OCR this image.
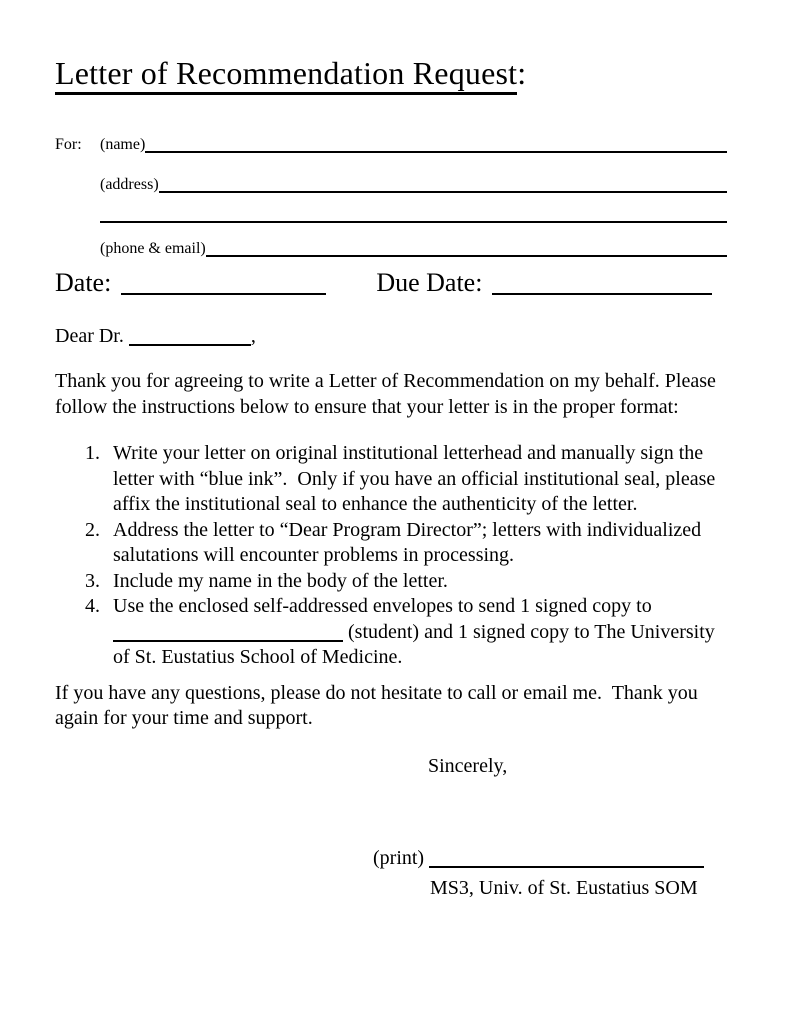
Letter of Recommendation Request:
For:	(name)
(address)
(phone & email)
Date:	Due Date:
Dear Dr.	,
Thank you for agreeing to write a Letter of Recommendation on my behalf. Please follow the instructions below to ensure that your letter is in the proper format:
1. Write your letter on original institutional letterhead and manually sign the letter with “blue ink”.  Only if you have an official institutional seal, please affix the institutional seal to enhance the authenticity of the letter.
2. Address the letter to “Dear Program Director”; letters with individualized salutations will encounter problems in processing.
3. Include my name in the body of the letter.
4. Use the enclosed self-addressed envelopes to send 1 signed copy to
(student) and 1 signed copy to The University of St. Eustatius School of Medicine.
If you have any questions, please do not hesitate to call or email me.  Thank you again for your time and support.
Sincerely,
(print)
MS3, Univ. of St. Eustatius SOM
